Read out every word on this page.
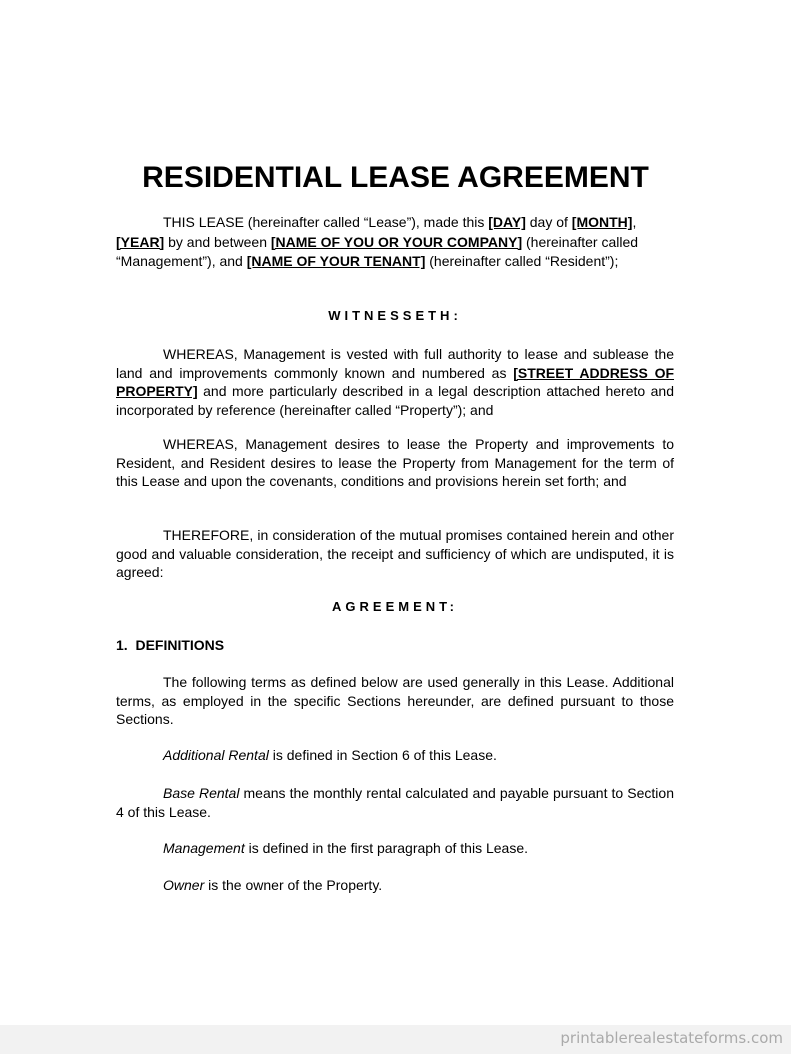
RESIDENTIAL LEASE AGREEMENT
THIS LEASE (hereinafter called “Lease”), made this [DAY] day of [MONTH], [YEAR] by and between [NAME OF YOU OR YOUR COMPANY] (hereinafter called “Management”), and [NAME OF YOUR TENANT] (hereinafter called “Resident”);
WITNESSETH:
WHEREAS, Management is vested with full authority to lease and sublease the land and improvements commonly known and numbered as [STREET ADDRESS OF PROPERTY] and more particularly described in a legal description attached hereto and incorporated by reference (hereinafter called “Property”); and
WHEREAS, Management desires to lease the Property and improvements to Resident, and Resident desires to lease the Property from Management for the term of this Lease and upon the covenants, conditions and provisions herein set forth; and
THEREFORE, in consideration of the mutual promises contained herein and other good and valuable consideration, the receipt and sufficiency of which are undisputed, it is agreed:
AGREEMENT:
1.  DEFINITIONS
The following terms as defined below are used generally in this Lease. Additional terms, as employed in the specific Sections hereunder, are defined pursuant to those Sections.
Additional Rental is defined in Section 6 of this Lease.
Base Rental means the monthly rental calculated and payable pursuant to Section 4 of this Lease.
Management is defined in the first paragraph of this Lease.
Owner is the owner of the Property.
printablerealestateforms.com
